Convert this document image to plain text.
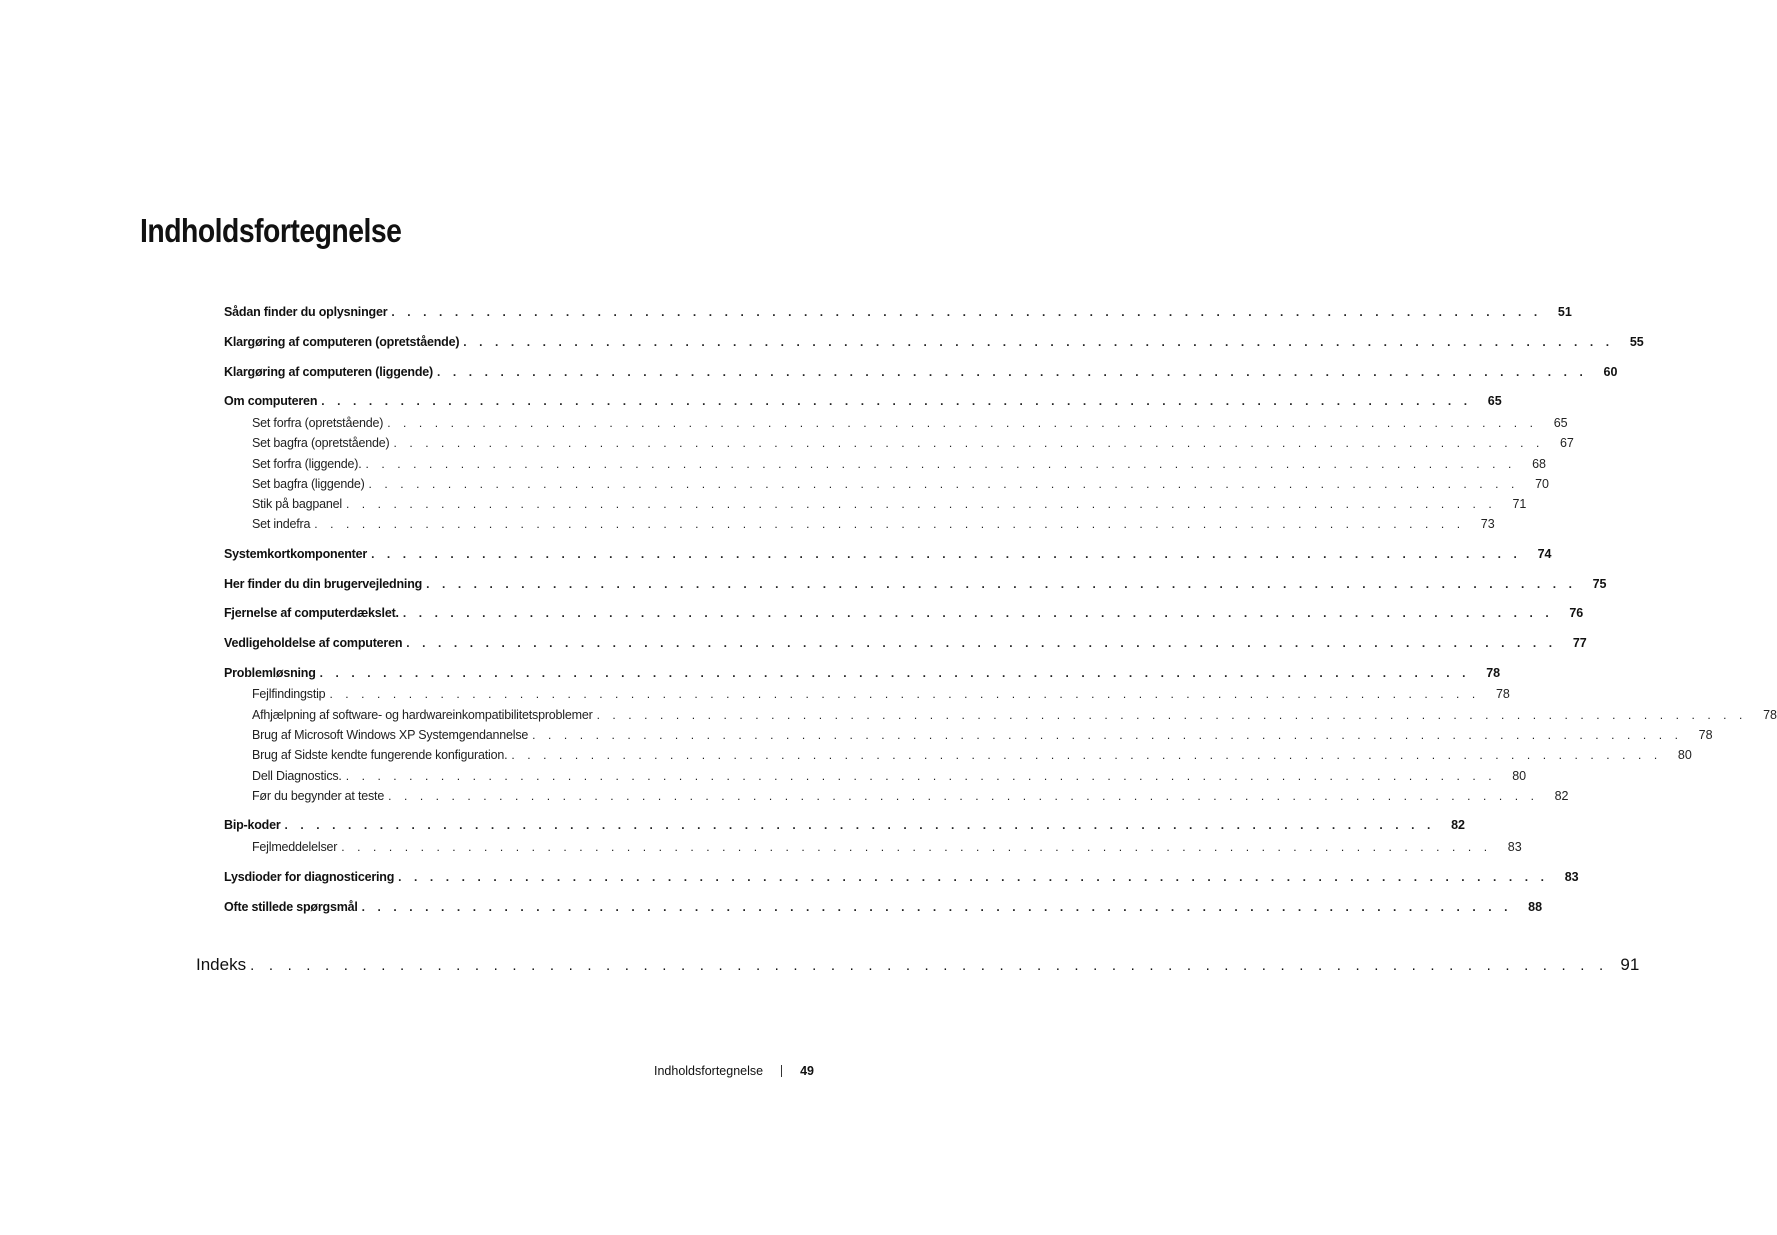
Indholdsfortegnelse
Sådan finder du oplysninger . . . . . . . . . . . . . . . . . . . . . . . . . . . . . . . . . . . . . . . . . . . . . . . . . . . . . . . . . . . . . . . . . . . . . . . . . 51
Klargøring af computeren (opretstående) . . . . . . . . . . . . . . . . . . . . . . . . . . . . . . . . . . . . . . . . . . . . . . . . . . . . . . . . . . . . . . . . . . . . . . . . . 55
Klargøring af computeren (liggende) . . . . . . . . . . . . . . . . . . . . . . . . . . . . . . . . . . . . . . . . . . . . . . . . . . . . . . . . . . . . . . . . . . . . . . . . . 60
Om computeren . . . . . . . . . . . . . . . . . . . . . . . . . . . . . . . . . . . . . . . . . . . . . . . . . . . . . . . . . . . . . . . . . . . . . . . . . 65
Set forfra (opretstående) . . . . . . . . . . . . . . . . . . . . . . . . . . . . . . . . . . . . . . . . . . . . . . . . . . . . . . . . . . . . . . . . . . . . . . . . . 65
Set bagfra (opretstående) . . . . . . . . . . . . . . . . . . . . . . . . . . . . . . . . . . . . . . . . . . . . . . . . . . . . . . . . . . . . . . . . . . . . . . . . . 67
Set forfra (liggende). . . . . . . . . . . . . . . . . . . . . . . . . . . . . . . . . . . . . . . . . . . . . . . . . . . . . . . . . . . . . . . . . . . . . . . . . . 68
Set bagfra (liggende) . . . . . . . . . . . . . . . . . . . . . . . . . . . . . . . . . . . . . . . . . . . . . . . . . . . . . . . . . . . . . . . . . . . . . . . . . 70
Stik på bagpanel . . . . . . . . . . . . . . . . . . . . . . . . . . . . . . . . . . . . . . . . . . . . . . . . . . . . . . . . . . . . . . . . . . . . . . . . . 71
Set indefra . . . . . . . . . . . . . . . . . . . . . . . . . . . . . . . . . . . . . . . . . . . . . . . . . . . . . . . . . . . . . . . . . . . . . . . . . 73
Systemkortkomponenter . . . . . . . . . . . . . . . . . . . . . . . . . . . . . . . . . . . . . . . . . . . . . . . . . . . . . . . . . . . . . . . . . . . . . . . . . 74
Her finder du din brugervejledning . . . . . . . . . . . . . . . . . . . . . . . . . . . . . . . . . . . . . . . . . . . . . . . . . . . . . . . . . . . . . . . . . . . . . . . . . 75
Fjernelse af computerdækslet. . . . . . . . . . . . . . . . . . . . . . . . . . . . . . . . . . . . . . . . . . . . . . . . . . . . . . . . . . . . . . . . . . . . . . . . . . 76
Vedligeholdelse af computeren . . . . . . . . . . . . . . . . . . . . . . . . . . . . . . . . . . . . . . . . . . . . . . . . . . . . . . . . . . . . . . . . . . . . . . . . . 77
Problemløsning . . . . . . . . . . . . . . . . . . . . . . . . . . . . . . . . . . . . . . . . . . . . . . . . . . . . . . . . . . . . . . . . . . . . . . . . . 78
Fejlfindingstip . . . . . . . . . . . . . . . . . . . . . . . . . . . . . . . . . . . . . . . . . . . . . . . . . . . . . . . . . . . . . . . . . . . . . . . . . 78
Afhjælpning af software- og hardwareinkompatibilitetsproblemer . . . . . . . . . . . . . . . . . . . . . . . . . . . . . . . . . . . . . . . . . . . . . . . . . . . . . . . . . . . . . . . . . . . . . . . . . 78
Brug af Microsoft Windows XP Systemgendannelse . . . . . . . . . . . . . . . . . . . . . . . . . . . . . . . . . . . . . . . . . . . . . . . . . . . . . . . . . . . . . . . . . . . . . . . . . 78
Brug af Sidste kendte fungerende konfiguration. . . . . . . . . . . . . . . . . . . . . . . . . . . . . . . . . . . . . . . . . . . . . . . . . . . . . . . . . . . . . . . . . . . . . . . . . . 80
Dell Diagnostics. . . . . . . . . . . . . . . . . . . . . . . . . . . . . . . . . . . . . . . . . . . . . . . . . . . . . . . . . . . . . . . . . . . . . . . . . . 80
Før du begynder at teste . . . . . . . . . . . . . . . . . . . . . . . . . . . . . . . . . . . . . . . . . . . . . . . . . . . . . . . . . . . . . . . . . . . . . . . . . 82
Bip-koder . . . . . . . . . . . . . . . . . . . . . . . . . . . . . . . . . . . . . . . . . . . . . . . . . . . . . . . . . . . . . . . . . . . . . . . . . 82
Fejlmeddelelser . . . . . . . . . . . . . . . . . . . . . . . . . . . . . . . . . . . . . . . . . . . . . . . . . . . . . . . . . . . . . . . . . . . . . . . . . 83
Lysdioder for diagnosticering . . . . . . . . . . . . . . . . . . . . . . . . . . . . . . . . . . . . . . . . . . . . . . . . . . . . . . . . . . . . . . . . . . . . . . . . . 83
Ofte stillede spørgsmål . . . . . . . . . . . . . . . . . . . . . . . . . . . . . . . . . . . . . . . . . . . . . . . . . . . . . . . . . . . . . . . . . . . . . . . . . 88
Indeks . . . . . . . . . . . . . . . . . . . . . . . . . . . . . . . . . . . . . . . . . . . . . . . . . . . . . . . . . . . . . . . . . . . . . . . . . 91
Indholdsfortegnelse	49
